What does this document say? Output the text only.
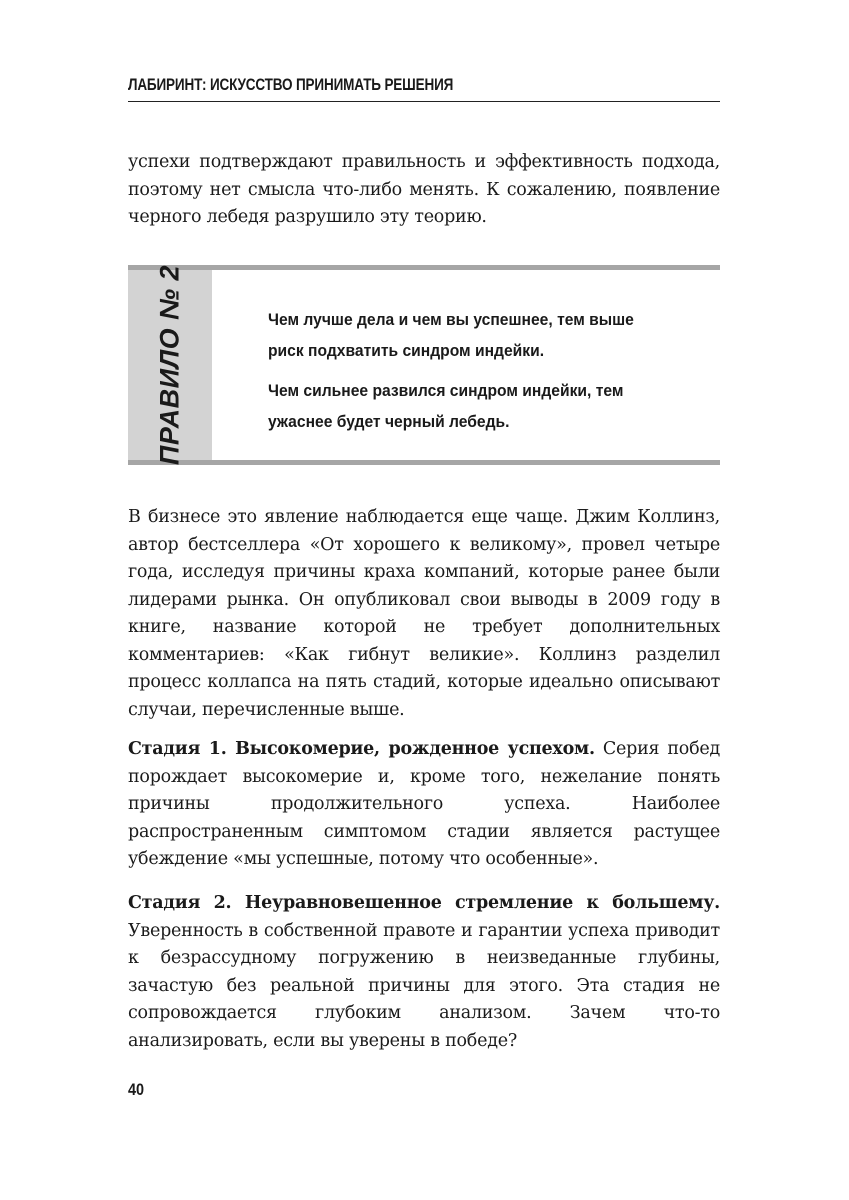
ЛАБИРИНТ: ИСКУССТВО ПРИНИМАТЬ РЕШЕНИЯ

успехи подтверждают правильность и эффективность подхода, поэтому нет смысла что-либо менять. К сожалению, появление черного лебедя разрушило эту теорию.

ПРАВИЛО № 2	Чем лучше дела и чем вы успешнее, тем выше риск подхватить синдром индейки.

Чем сильнее развился синдром индейки, тем ужаснее будет черный лебедь.

В бизнесе это явление наблюдается еще чаще. Джим Коллинз, автор бестселлера «От хорошего к великому», провел четыре года, исследуя причины краха компаний, которые ранее были лидерами рынка. Он опубликовал свои выводы в 2009 году в книге, название которой не требует дополнительных комментариев: «Как гибнут великие». Коллинз разделил процесс коллапса на пять стадий, которые идеально описывают случаи, перечисленные выше.

Стадия 1. Высокомерие, рожденное успехом. Серия побед порождает высокомерие и, кроме того, нежелание понять причины продолжительного успеха. Наиболее распространенным симптомом стадии является растущее убеждение «мы успешные, потому что особенные».

Стадия 2. Неуравновешенное стремление к большему. Уверенность в собственной правоте и гарантии успеха приводит к безрассудному погружению в неизведанные глубины, зачастую без реальной причины для этого. Эта стадия не сопровождается глубоким анализом. Зачем что-то анализировать, если вы уверены в победе?

40
